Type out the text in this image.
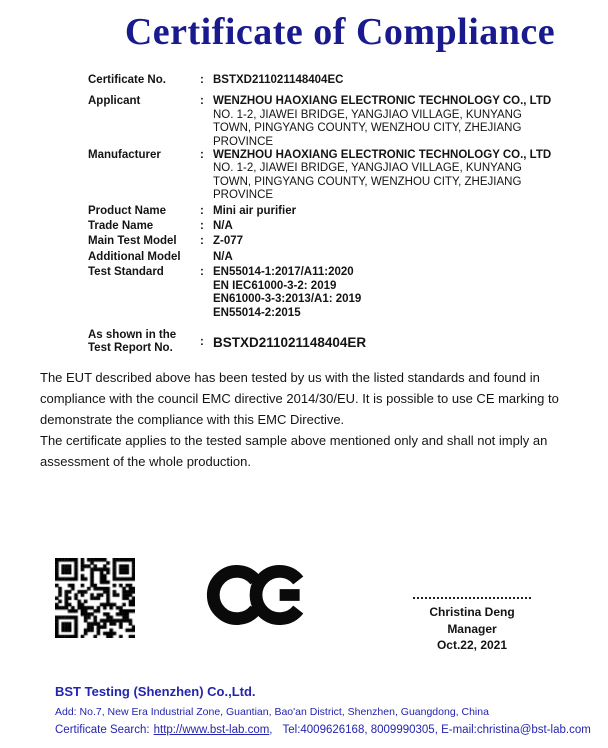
Certificate of Compliance
Certificate No.	: BSTXD211021148404EC
Applicant	: WENZHOU HAOXIANG ELECTRONIC TECHNOLOGY CO., LTD
NO. 1-2, JIAWEI BRIDGE, YANGJIAO VILLAGE, KUNYANG
TOWN, PINGYANG COUNTY, WENZHOU CITY, ZHEJIANG
PROVINCE
Manufacturer	: WENZHOU HAOXIANG ELECTRONIC TECHNOLOGY CO., LTD
NO. 1-2, JIAWEI BRIDGE, YANGJIAO VILLAGE, KUNYANG
TOWN, PINGYANG COUNTY, WENZHOU CITY, ZHEJIANG
PROVINCE
Product Name	: Mini air purifier
Trade Name	: N/A
Main Test Model	: Z-077
Additional Model	N/A
Test Standard	: EN55014-1:2017/A11:2020
EN IEC61000-3-2: 2019
EN61000-3-3:2013/A1: 2019
EN55014-2:2015
As shown in the
Test Report No.
: BSTXD211021148404ER

The EUT described above has been tested by us with the listed standards and found in compliance with the council EMC directive 2014/30/EU. It is possible to use CE marking to demonstrate the compliance with this EMC Directive.

The certificate applies to the tested sample above mentioned only and shall not imply an assessment of the whole production.

Christina Deng
Manager
Oct.22, 2021
BST Testing (Shenzhen) Co.,Ltd.
Add: No.7, New Era Industrial Zone, Guantian, Bao'an District, Shenzhen, Guangdong, China
Certificate Search: http://www.bst-lab.com, Tel:4009626168, 8009990305, E-mail:christina@bst-lab.com
